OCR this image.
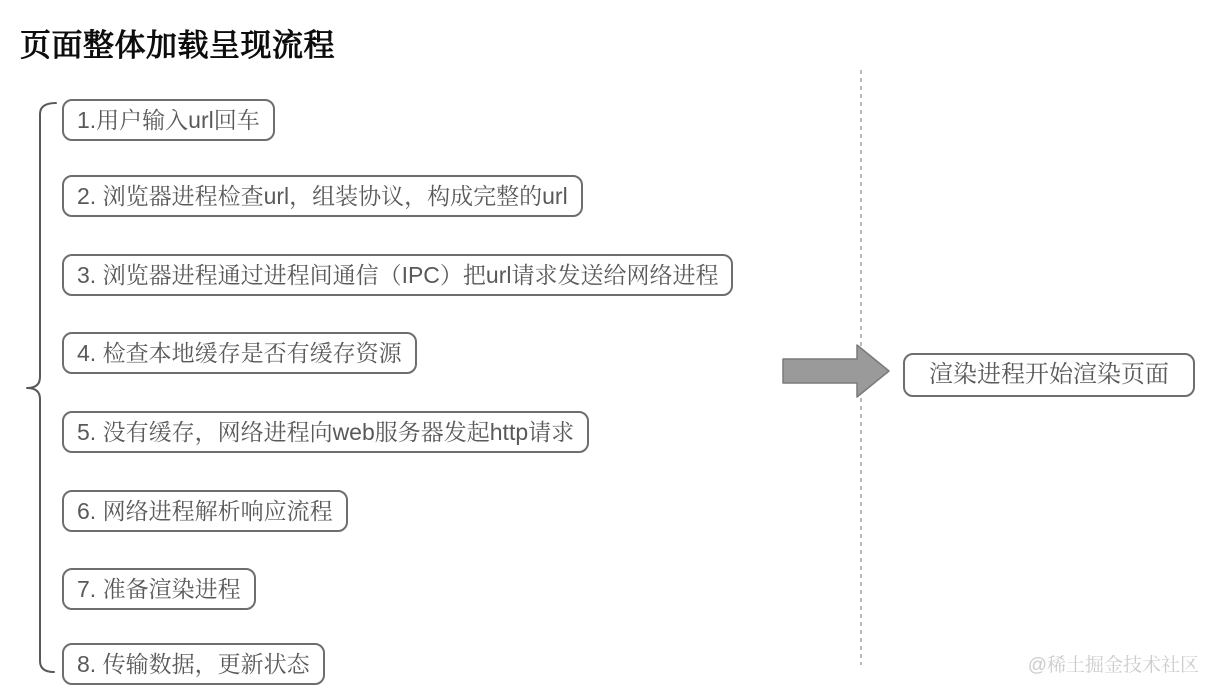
页面整体加载呈现流程
1.用户输入url回车
2. 浏览器进程检查url，组装协议，构成完整的url
3. 浏览器进程通过进程间通信（IPC）把url请求发送给网络进程
4. 检查本地缓存是否有缓存资源
5. 没有缓存，网络进程向web服务器发起http请求
6. 网络进程解析响应流程
7. 准备渲染进程
8. 传输数据，更新状态
渲染进程开始渲染页面
@稀土掘金技术社区
